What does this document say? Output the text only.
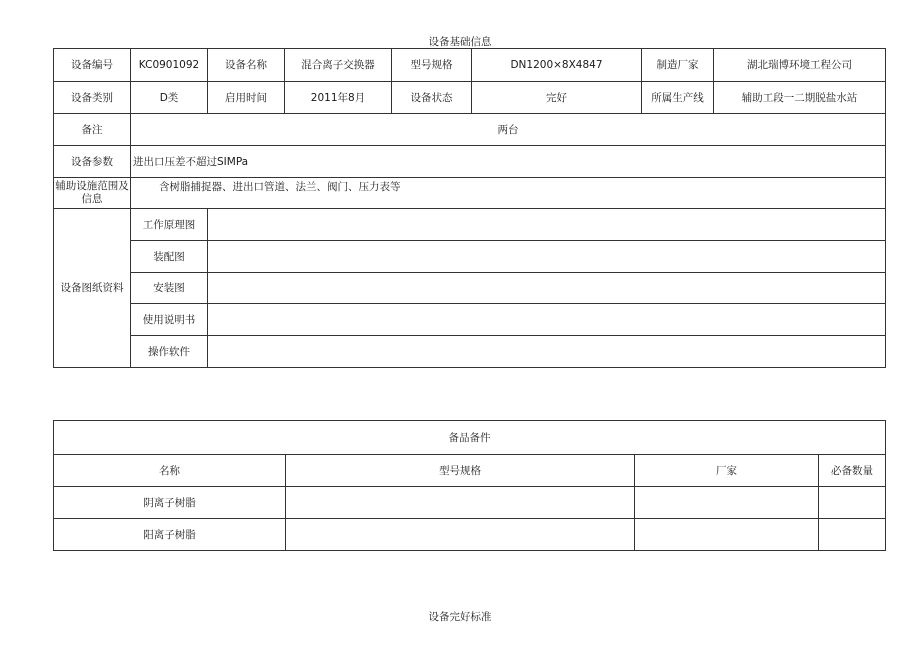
设备基础信息
设备编号	KC0901092	设备名称	混合离子交换器	型号规格	DN1200×8X4847	制造厂家	湖北瑞博环境工程公司
设备类别	D类	启用时间	2011年8月	设备状态	完好	所属生产线	辅助工段一二期脱盐水站
备注	两台						
设备参数	进出口压差不超过SIMPa						
辅助设施范围及信息	含树脂捕捉器、进出口管道、法兰、阀门、压力表等						
设备图纸资料	工作原理图						
	装配图						
	安装图						
	使用说明书						
	操作软件						
备品备件			
名称	型号规格	厂家	必备数量
阴离子树脂			
阳离子树脂			
设备完好标准
